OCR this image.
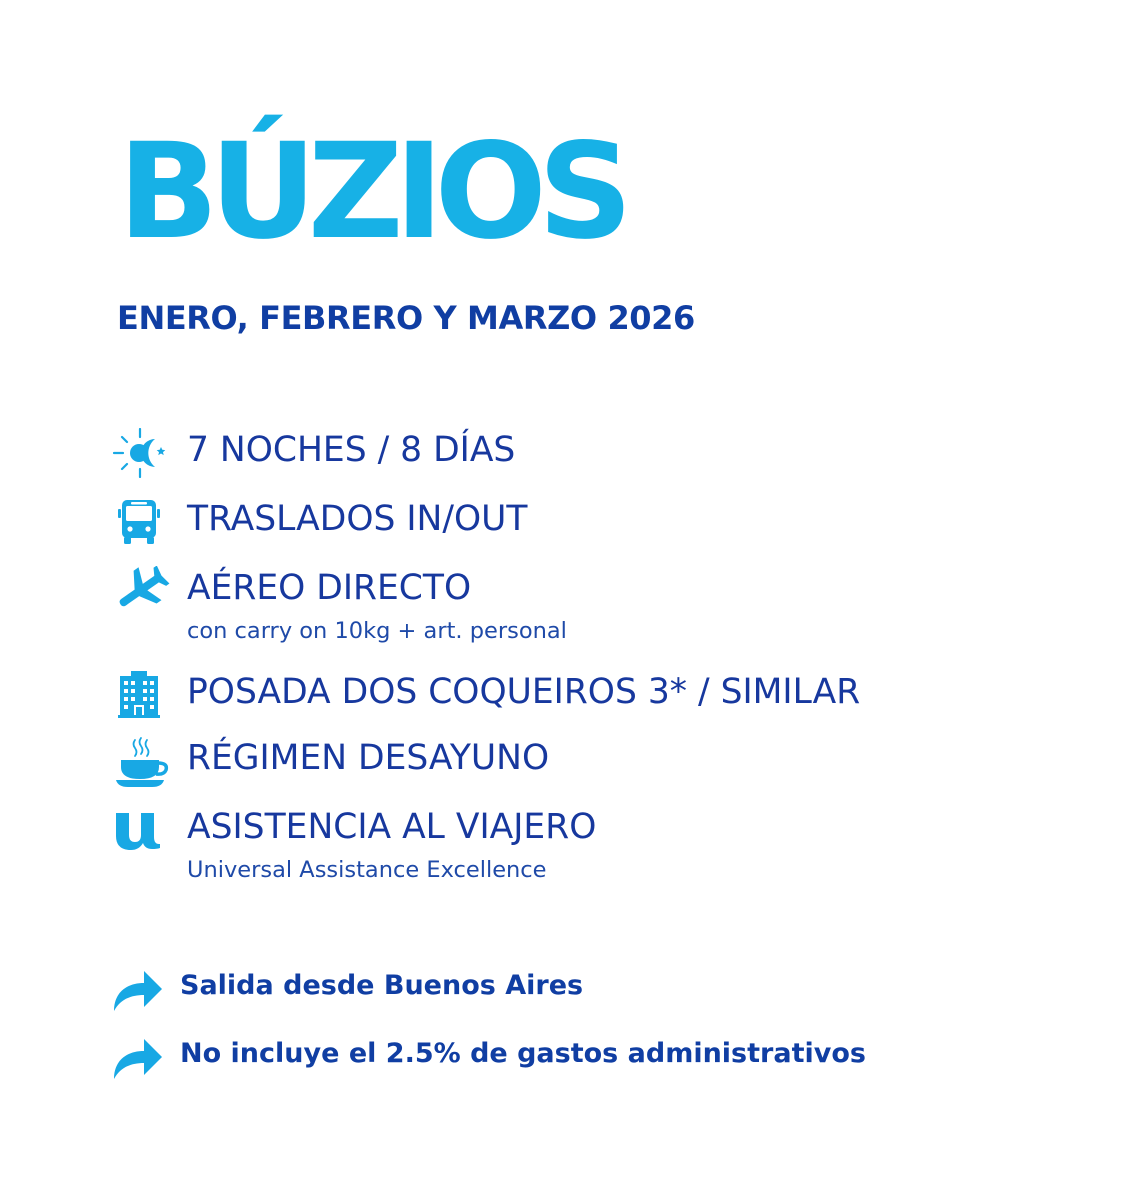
BÚZIOS
ENERO, FEBRERO Y MARZO 2026
7 NOCHES / 8 DÍAS
TRASLADOS IN/OUT
AÉREO DIRECTO
con carry on 10kg + art. personal
POSADA DOS COQUEIROS 3* / SIMILAR
RÉGIMEN DESAYUNO
ASISTENCIA AL VIAJERO
Universal Assistance Excellence
Salida desde Buenos Aires
No incluye el 2.5% de gastos administrativos
